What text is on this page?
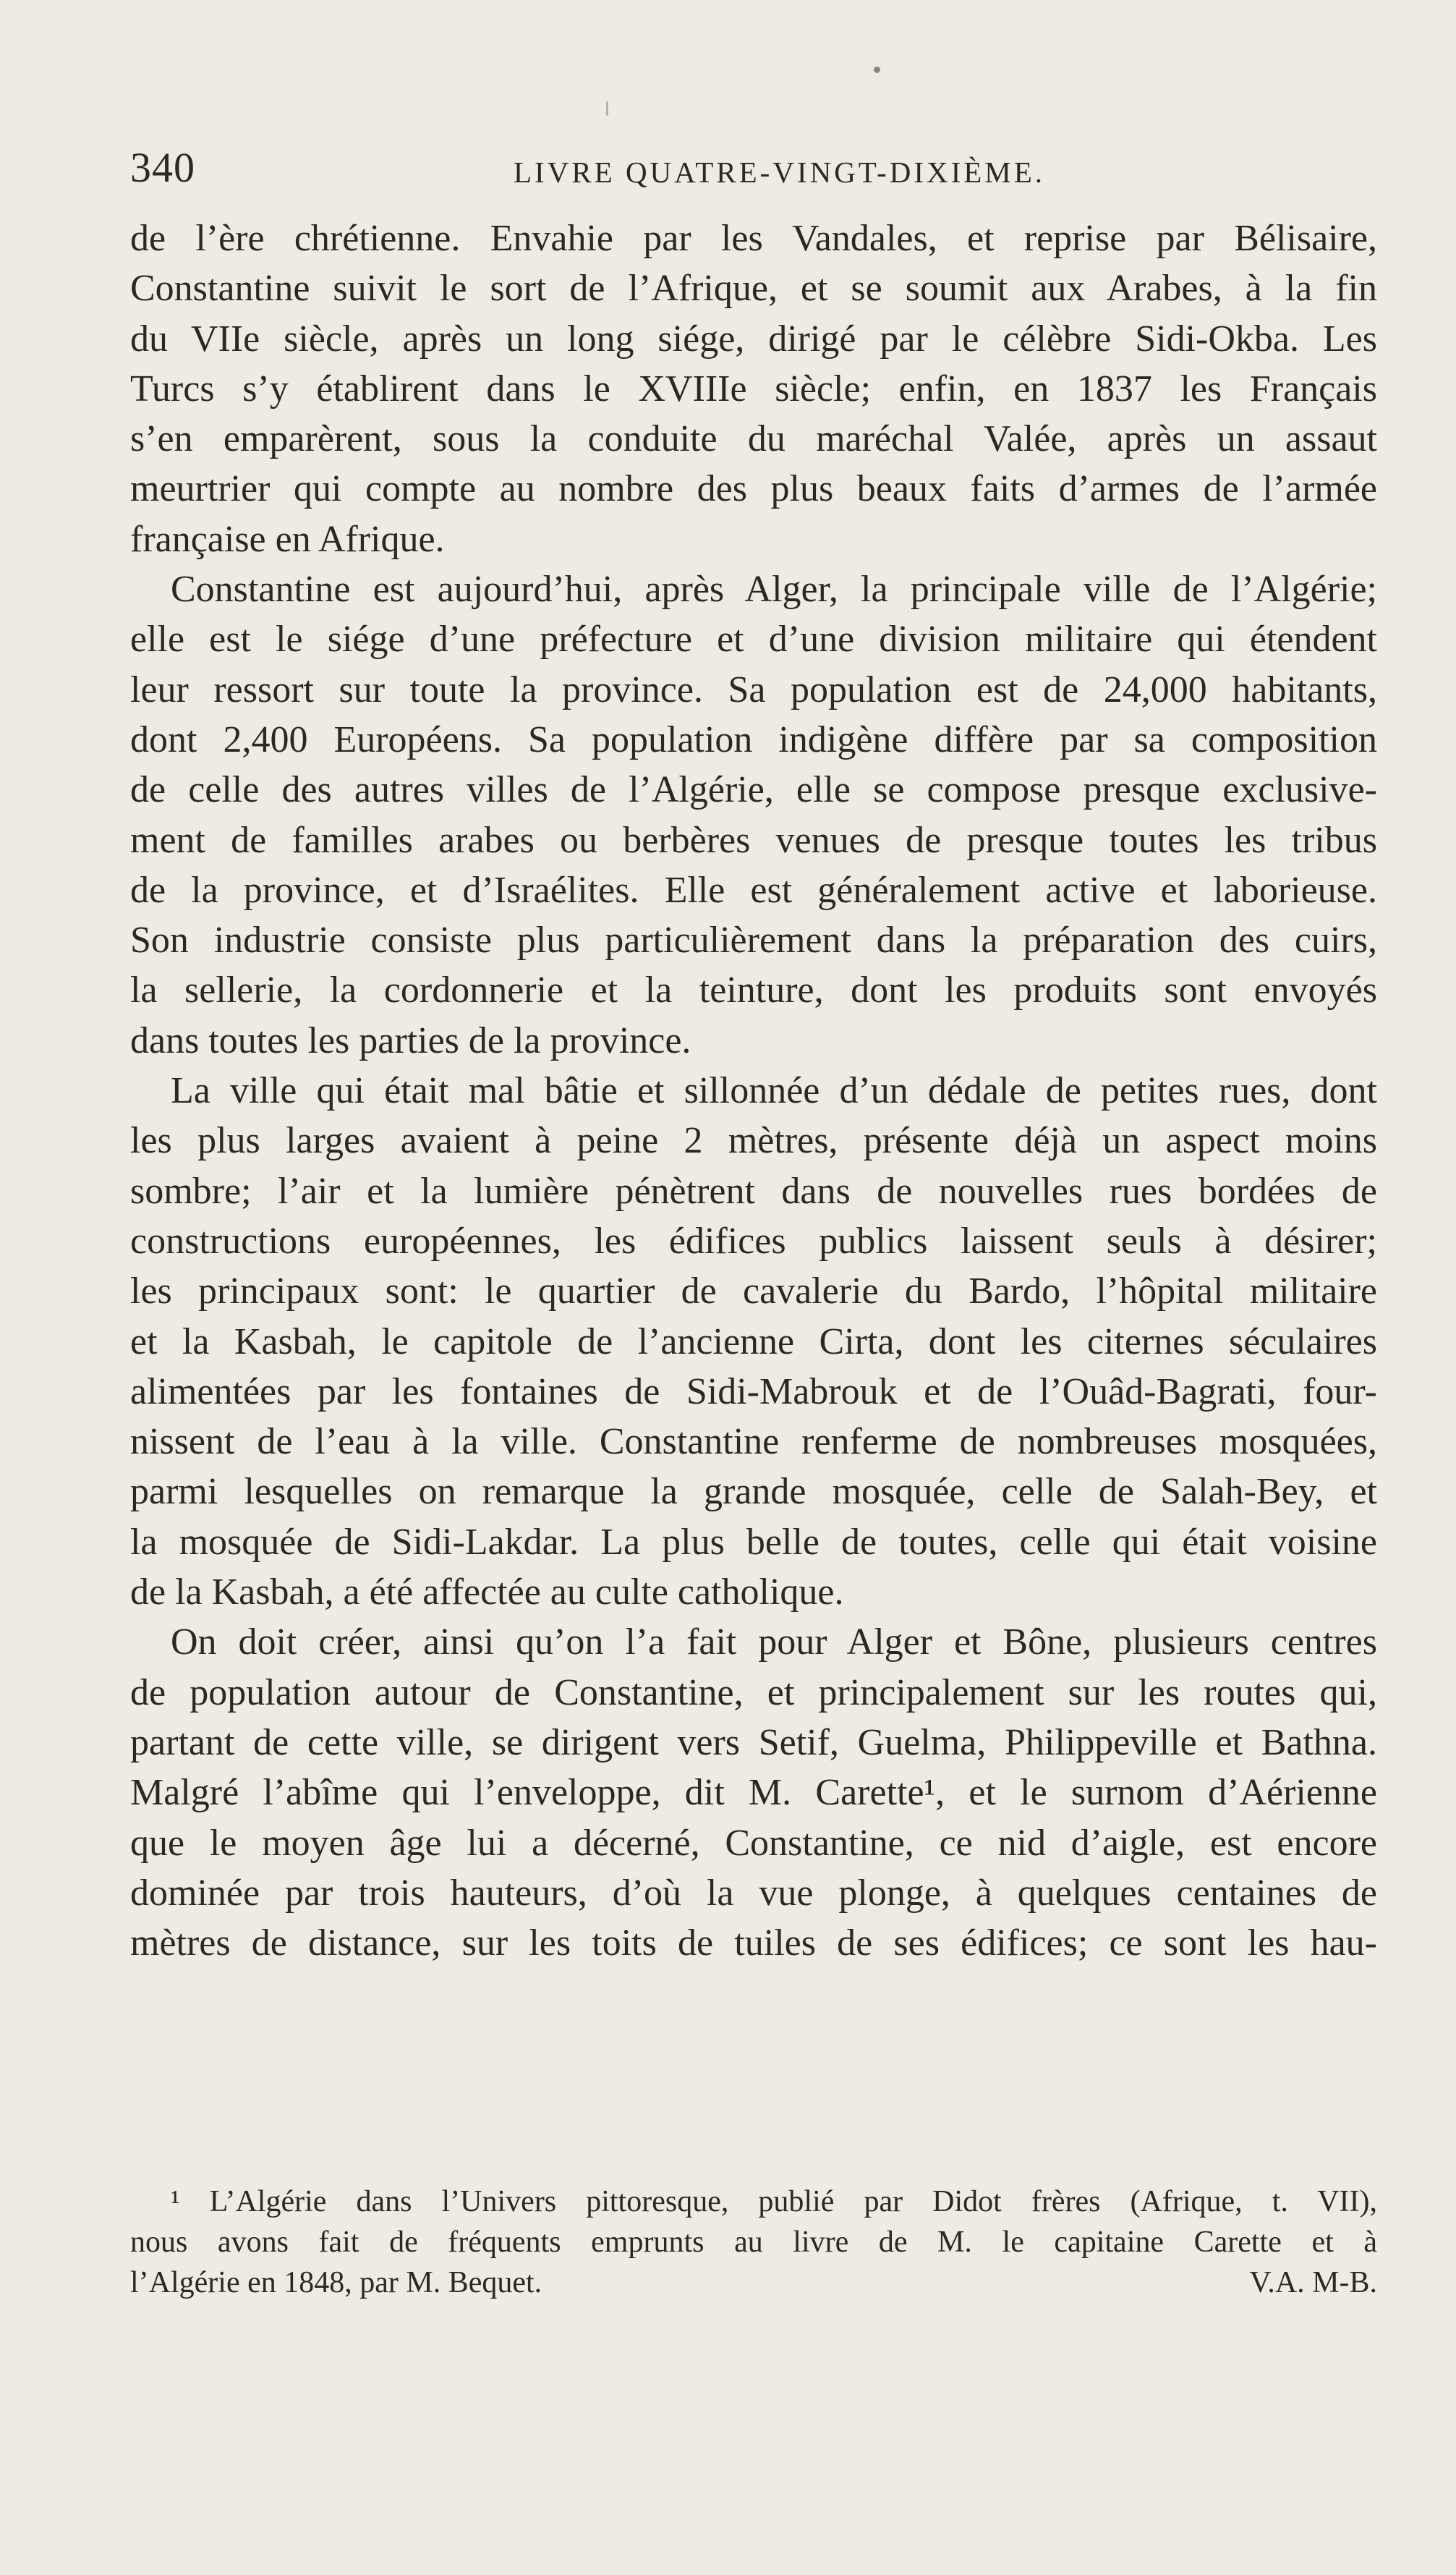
340	LIVRE QUATRE-VINGT-DIXIÈME.
de l’ère chrétienne. Envahie par les Vandales, et reprise par Bélisaire,
Constantine suivit le sort de l’Afrique, et se soumit aux Arabes, à la fin
du VIIe siècle, après un long siége, dirigé par le célèbre Sidi-Okba. Les
Turcs s’y établirent dans le XVIIIe siècle; enfin, en 1837 les Français
s’en emparèrent, sous la conduite du maréchal Valée, après un assaut
meurtrier qui compte au nombre des plus beaux faits d’armes de l’armée
française en Afrique.
Constantine est aujourd’hui, après Alger, la principale ville de l’Algérie;
elle est le siége d’une préfecture et d’une division militaire qui étendent
leur ressort sur toute la province. Sa population est de 24,000 habitants,
dont 2,400 Européens. Sa population indigène diffère par sa composition
de celle des autres villes de l’Algérie, elle se compose presque exclusive-
ment de familles arabes ou berbères venues de presque toutes les tribus
de la province, et d’Israélites. Elle est généralement active et laborieuse.
Son industrie consiste plus particulièrement dans la préparation des cuirs,
la sellerie, la cordonnerie et la teinture, dont les produits sont envoyés
dans toutes les parties de la province.
La ville qui était mal bâtie et sillonnée d’un dédale de petites rues, dont
les plus larges avaient à peine 2 mètres, présente déjà un aspect moins
sombre; l’air et la lumière pénètrent dans de nouvelles rues bordées de
constructions européennes, les édifices publics laissent seuls à désirer;
les principaux sont: le quartier de cavalerie du Bardo, l’hôpital militaire
et la Kasbah, le capitole de l’ancienne Cirta, dont les citernes séculaires
alimentées par les fontaines de Sidi-Mabrouk et de l’Ouâd-Bagrati, four-
nissent de l’eau à la ville. Constantine renferme de nombreuses mosquées,
parmi lesquelles on remarque la grande mosquée, celle de Salah-Bey, et
la mosquée de Sidi-Lakdar. La plus belle de toutes, celle qui était voisine
de la Kasbah, a été affectée au culte catholique.
On doit créer, ainsi qu’on l’a fait pour Alger et Bône, plusieurs centres
de population autour de Constantine, et principalement sur les routes qui,
partant de cette ville, se dirigent vers Setif, Guelma, Philippeville et Bathna.
Malgré l’abîme qui l’enveloppe, dit M. Carette¹, et le surnom d’Aérienne
que le moyen âge lui a décerné, Constantine, ce nid d’aigle, est encore
dominée par trois hauteurs, d’où la vue plonge, à quelques centaines de
mètres de distance, sur les toits de tuiles de ses édifices; ce sont les hau-
¹ L’Algérie dans l’Univers pittoresque, publié par Didot frères (Afrique, t. VII),
nous avons fait de fréquents emprunts au livre de M. le capitaine Carette et à
l’Algérie en 1848, par M. Bequet.	V.A. M-B.
